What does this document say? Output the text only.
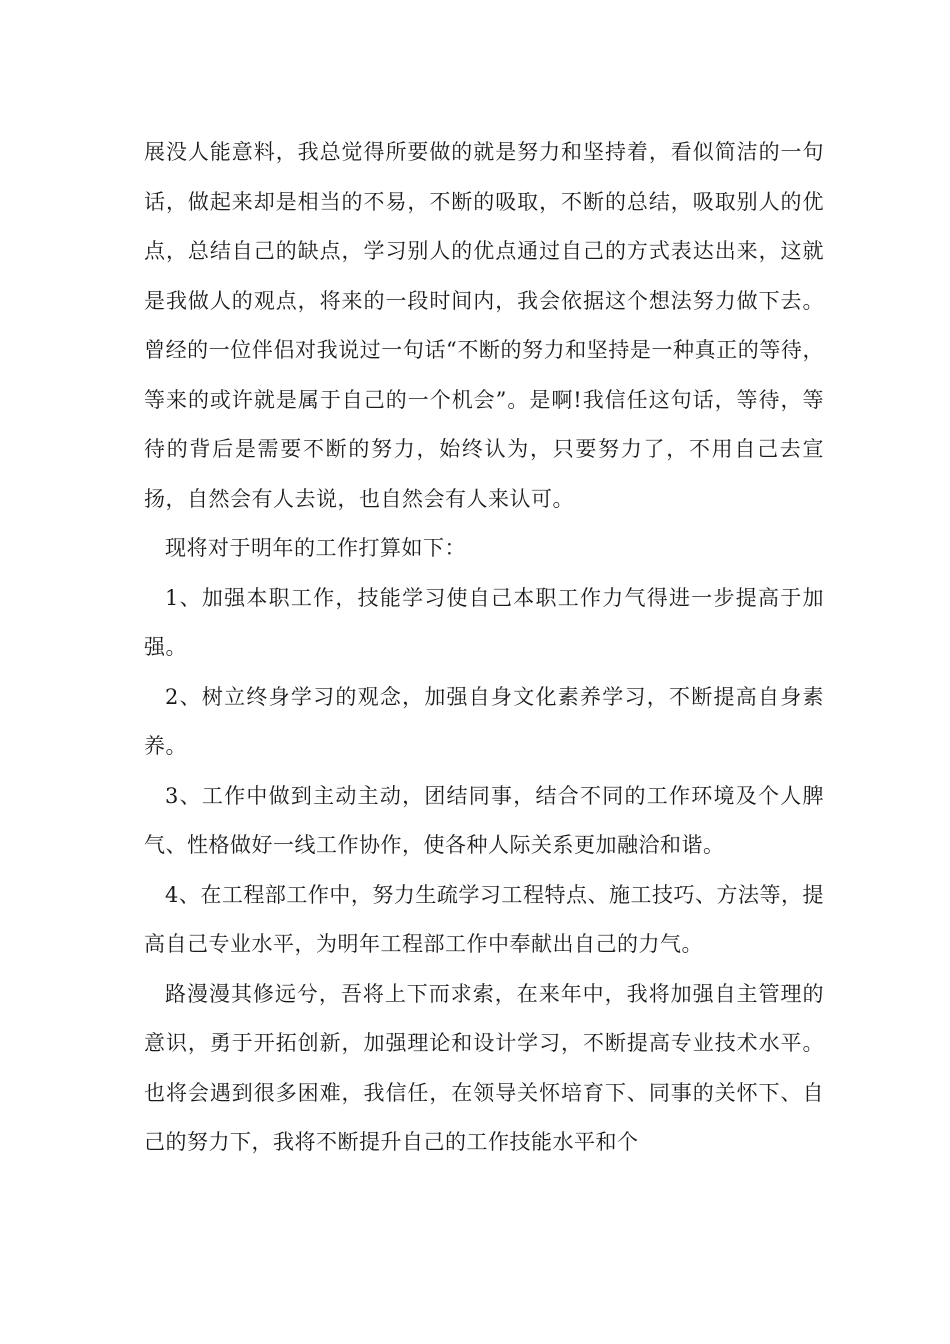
展没人能意料，我总觉得所要做的就是努力和坚持着，看似简洁的一句话，做起来却是相当的不易，不断的吸取，不断的总结，吸取别人的优点，总结自己的缺点，学习别人的优点通过自己的方式表达出来，这就是我做人的观点，将来的一段时间内，我会依据这个想法努力做下去。曾经的一位伴侣对我说过一句话“不断的努力和坚持是一种真正的等待，等来的或许就是属于自己的一个机会”。是啊!我信任这句话，等待，等待的背后是需要不断的努力，始终认为，只要努力了，不用自己去宣扬，自然会有人去说，也自然会有人来认可。

现将对于明年的工作打算如下：

1、加强本职工作，技能学习使自己本职工作力气得进一步提高于加强。

2、树立终身学习的观念，加强自身文化素养学习，不断提高自身素养。

3、工作中做到主动主动，团结同事，结合不同的工作环境及个人脾气、性格做好一线工作协作，使各种人际关系更加融洽和谐。

4、在工程部工作中，努力生疏学习工程特点、施工技巧、方法等，提高自己专业水平，为明年工程部工作中奉献出自己的力气。

路漫漫其修远兮，吾将上下而求索，在来年中，我将加强自主管理的意识，勇于开拓创新，加强理论和设计学习，不断提高专业技术水平。也将会遇到很多困难，我信任，在领导关怀培育下、同事的关怀下、自己的努力下，我将不断提升自己的工作技能水平和个
